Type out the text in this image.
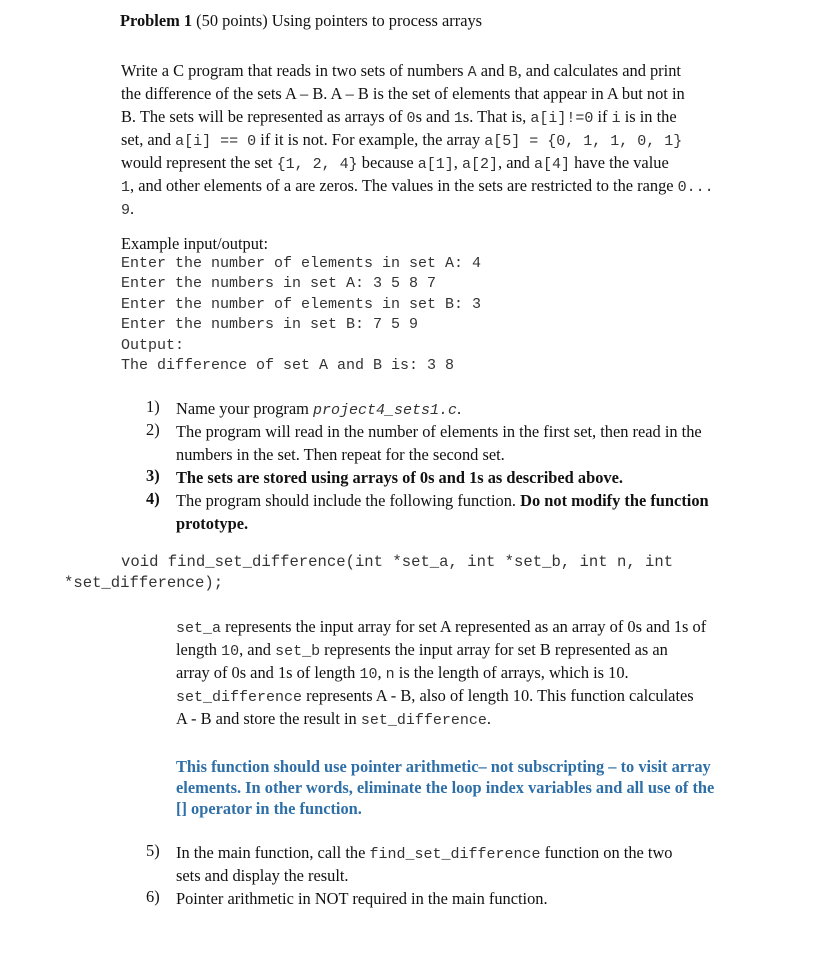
Problem 1 (50 points) Using pointers to process arrays
Write a C program that reads in two sets of numbers A and B, and calculates and print
the difference of the sets A – B. A – B is the set of elements that appear in A but not in
B. The sets will be represented as arrays of 0s and 1s. That is, a[i]!=0 if i is in the
set, and a[i] == 0 if it is not. For example, the array a[5] = {0, 1, 1, 0, 1}
would represent the set {1, 2, 4} because a[1], a[2], and a[4] have the value
1, and other elements of a are zeros. The values in the sets are restricted to the range 0...
9.
Example input/output:
Enter the number of elements in set A: 4
Enter the numbers in set A: 3 5 8 7
Enter the number of elements in set B: 3
Enter the numbers in set B: 7 5 9
Output:
The difference of set A and B is: 3 8
1) Name your program project4_sets1.c.
2) The program will read in the number of elements in the first set, then read in the
numbers in the set. Then repeat for the second set.
3) The sets are stored using arrays of 0s and 1s as described above.
4) The program should include the following function. Do not modify the function
prototype.
void find_set_difference(int *set_a, int *set_b, int n, int
*set_difference);
set_a represents the input array for set A represented as an array of 0s and 1s of
length 10, and set_b represents the input array for set B represented as an
array of 0s and 1s of length 10, n is the length of arrays, which is 10.
set_difference represents A - B, also of length 10. This function calculates
A - B and store the result in set_difference.
This function should use pointer arithmetic– not subscripting – to visit array
elements. In other words, eliminate the loop index variables and all use of the
[] operator in the function.
5) In the main function, call the find_set_difference function on the two
sets and display the result.
6) Pointer arithmetic in NOT required in the main function.
